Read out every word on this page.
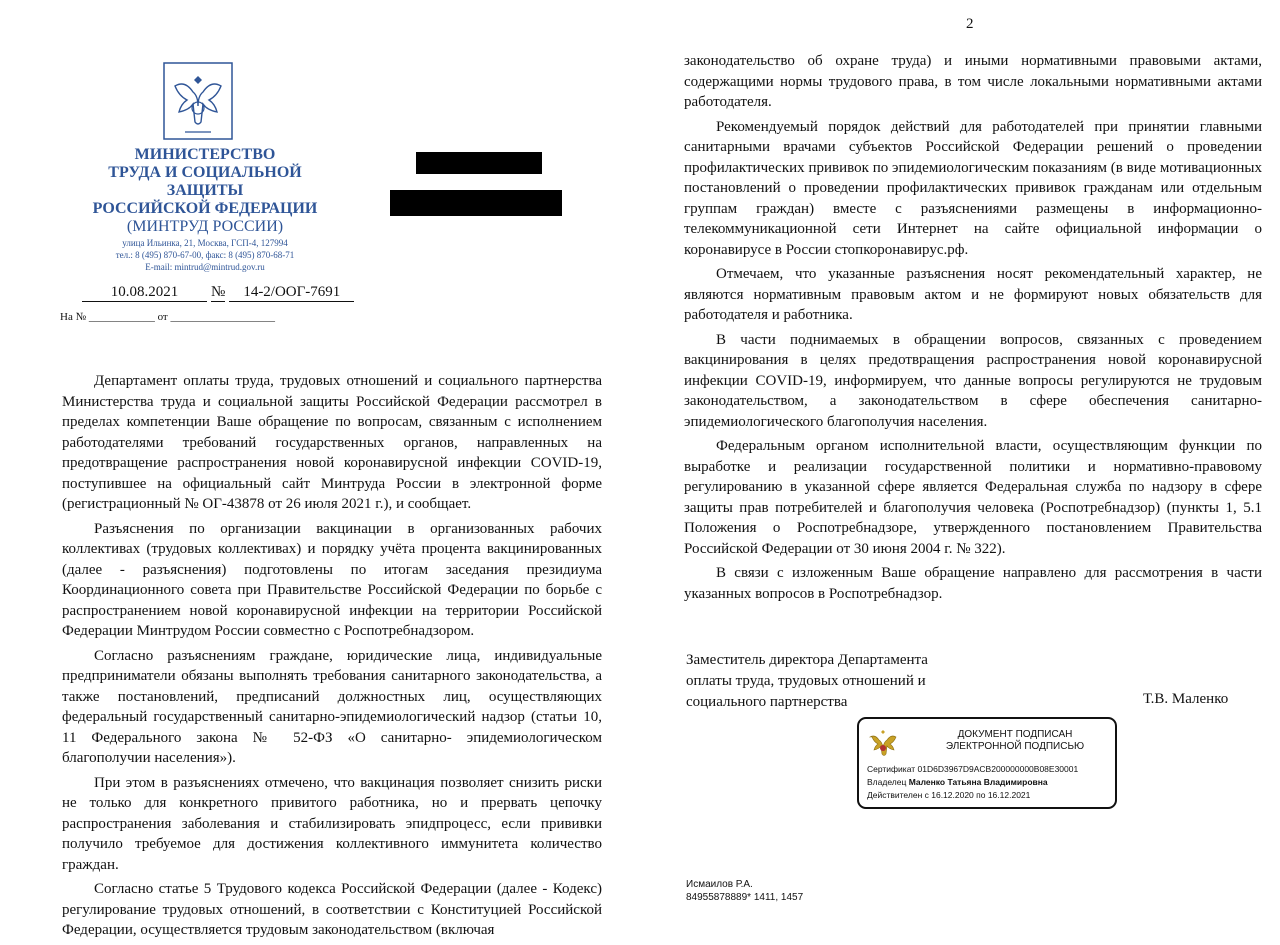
МИНИСТЕРСТВО
ТРУДА И СОЦИАЛЬНОЙ
ЗАЩИТЫ
РОССИЙСКОЙ ФЕДЕРАЦИИ
(МИНТРУД РОССИИ)
улица Ильинка, 21, Москва, ГСП-4, 127994
тел.: 8 (495) 870-67-00, факс: 8 (495) 870-68-71
E-mail: mintrud@mintrud.gov.ru
10.08.2021 № 14-2/ООГ-7691
На № ____________ от ___________________

Департамент оплаты труда, трудовых отношений и социального партнерства Министерства труда и социальной защиты Российской Федерации рассмотрел в пределах компетенции Ваше обращение по вопросам, связанным с исполнением работодателями требований государственных органов, направленных на предотвращение распространения новой коронавирусной инфекции COVID-19, поступившее на официальный сайт Минтруда России в электронной форме (регистрационный № ОГ-43878 от 26 июля 2021 г.), и сообщает.

Разъяснения по организации вакцинации в организованных рабочих коллективах (трудовых коллективах) и порядку учёта процента вакцинированных (далее - разъяснения) подготовлены по итогам заседания президиума Координационного совета при Правительстве Российской Федерации по борьбе с распространением новой коронавирусной инфекции на территории Российской Федерации Минтрудом России совместно с Роспотребнадзором.

Согласно разъяснениям граждане, юридические лица, индивидуальные предприниматели обязаны выполнять требования санитарного законодательства, а также постановлений, предписаний должностных лиц, осуществляющих федеральный государственный санитарно-эпидемиологический надзор (статьи 10, 11 Федерального закона № 52-ФЗ «О санитарно- эпидемиологическом благополучии населения»).

При этом в разъяснениях отмечено, что вакцинация позволяет снизить риски не только для конкретного привитого работника, но и прервать цепочку распространения заболевания и стабилизировать эпидпроцесс, если прививки получило требуемое для достижения коллективного иммунитета количество граждан.

Согласно статье 5 Трудового кодекса Российской Федерации (далее - Кодекс) регулирование трудовых отношений, в соответствии с Конституцией Российской Федерации, осуществляется трудовым законодательством (включая

2

законодательство об охране труда) и иными нормативными правовыми актами, содержащими нормы трудового права, в том числе локальными нормативными актами работодателя.

Рекомендуемый порядок действий для работодателей при принятии главными санитарными врачами субъектов Российской Федерации решений о проведении профилактических прививок по эпидемиологическим показаниям (в виде мотивационных постановлений о проведении профилактических прививок гражданам или отдельным группам граждан) вместе с разъяснениями размещены в информационно-телекоммуникационной сети Интернет на сайте официальной информации о коронавирусе в России стопкоронавирус.рф.

Отмечаем, что указанные разъяснения носят рекомендательный характер, не являются нормативным правовым актом и не формируют новых обязательств для работодателя и работника.

В части поднимаемых в обращении вопросов, связанных с проведением вакцинирования в целях предотвращения распространения новой коронавирусной инфекции COVID-19, информируем, что данные вопросы регулируются не трудовым законодательством, а законодательством в сфере обеспечения санитарно-эпидемиологического благополучия населения.

Федеральным органом исполнительной власти, осуществляющим функции по выработке и реализации государственной политики и нормативно-правовому регулированию в указанной сфере является Федеральная служба по надзору в сфере защиты прав потребителей и благополучия человека (Роспотребнадзор) (пункты 1, 5.1 Положения о Роспотребнадзоре, утвержденного постановлением Правительства Российской Федерации от 30 июня 2004 г. № 322).

В связи с изложенным Ваше обращение направлено для рассмотрения в части указанных вопросов в Роспотребнадзор.

Заместитель директора Департамента
оплаты труда, трудовых отношений и
социального партнерства	Т.В. Маленко
ДОКУМЕНТ ПОДПИСАН
ЭЛЕКТРОННОЙ ПОДПИСЬЮ
Сертификат 01D6D3967D9ACB200000000B08E30001
Владелец Маленко Татьяна Владимировна
Действителен с 16.12.2020 по 16.12.2021
Исмаилов Р.А.
84955878889* 1411, 1457
